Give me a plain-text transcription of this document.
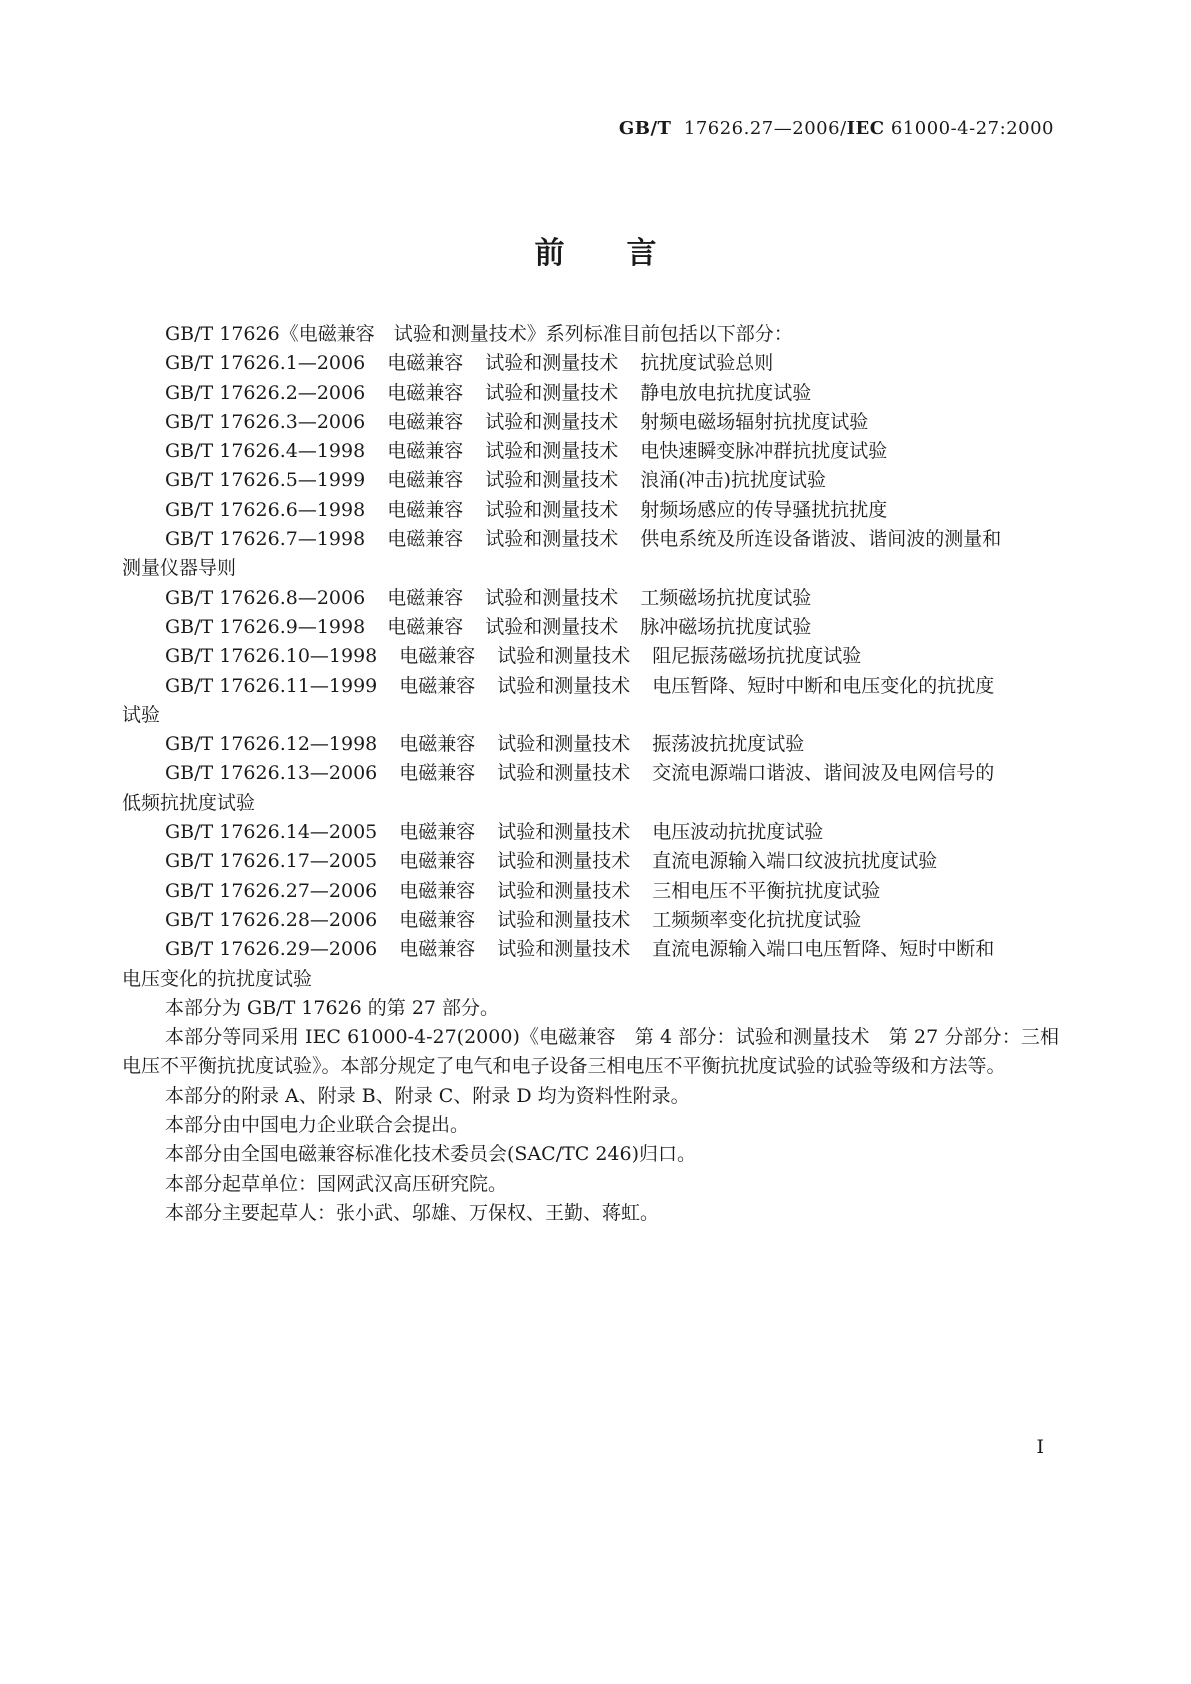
GB/T 17626.27—2006/IEC 61000-4-27:2000
前 言

GB/T 17626《电磁兼容　试验和测量技术》系列标准目前包括以下部分：

GB/T 17626.1—2006 电磁兼容 试验和测量技术 抗扰度试验总则
GB/T 17626.2—2006 电磁兼容 试验和测量技术 静电放电抗扰度试验
GB/T 17626.3—2006 电磁兼容 试验和测量技术 射频电磁场辐射抗扰度试验
GB/T 17626.4—1998 电磁兼容 试验和测量技术 电快速瞬变脉冲群抗扰度试验
GB/T 17626.5—1999 电磁兼容 试验和测量技术 浪涌(冲击)抗扰度试验
GB/T 17626.6—1998 电磁兼容 试验和测量技术 射频场感应的传导骚扰抗扰度
GB/T 17626.7—1998 电磁兼容 试验和测量技术 供电系统及所连设备谐波、谐间波的测量和
测量仪器导则
GB/T 17626.8—2006 电磁兼容 试验和测量技术 工频磁场抗扰度试验
GB/T 17626.9—1998 电磁兼容 试验和测量技术 脉冲磁场抗扰度试验
GB/T 17626.10—1998 电磁兼容 试验和测量技术 阻尼振荡磁场抗扰度试验
GB/T 17626.11—1999 电磁兼容 试验和测量技术 电压暂降、短时中断和电压变化的抗扰度
试验
GB/T 17626.12—1998 电磁兼容 试验和测量技术 振荡波抗扰度试验
GB/T 17626.13—2006 电磁兼容 试验和测量技术 交流电源端口谐波、谐间波及电网信号的
低频抗扰度试验
GB/T 17626.14—2005 电磁兼容 试验和测量技术 电压波动抗扰度试验
GB/T 17626.17—2005 电磁兼容 试验和测量技术 直流电源输入端口纹波抗扰度试验
GB/T 17626.27—2006 电磁兼容 试验和测量技术 三相电压不平衡抗扰度试验
GB/T 17626.28—2006 电磁兼容 试验和测量技术 工频频率变化抗扰度试验
GB/T 17626.29—2006 电磁兼容 试验和测量技术 直流电源输入端口电压暂降、短时中断和
电压变化的抗扰度试验

本部分为 GB/T 17626 的第 27 部分。

本部分等同采用 IEC 61000-4-27(2000)《电磁兼容　第 4 部分：试验和测量技术　第 27 分部分：三相电压不平衡抗扰度试验》。本部分规定了电气和电子设备三相电压不平衡抗扰度试验的试验等级和方法等。

本部分的附录 A、附录 B、附录 C、附录 D 均为资料性附录。

本部分由中国电力企业联合会提出。

本部分由全国电磁兼容标准化技术委员会(SAC/TC 246)归口。

本部分起草单位：国网武汉高压研究院。

本部分主要起草人：张小武、邬雄、万保权、王勤、蒋虹。

I
